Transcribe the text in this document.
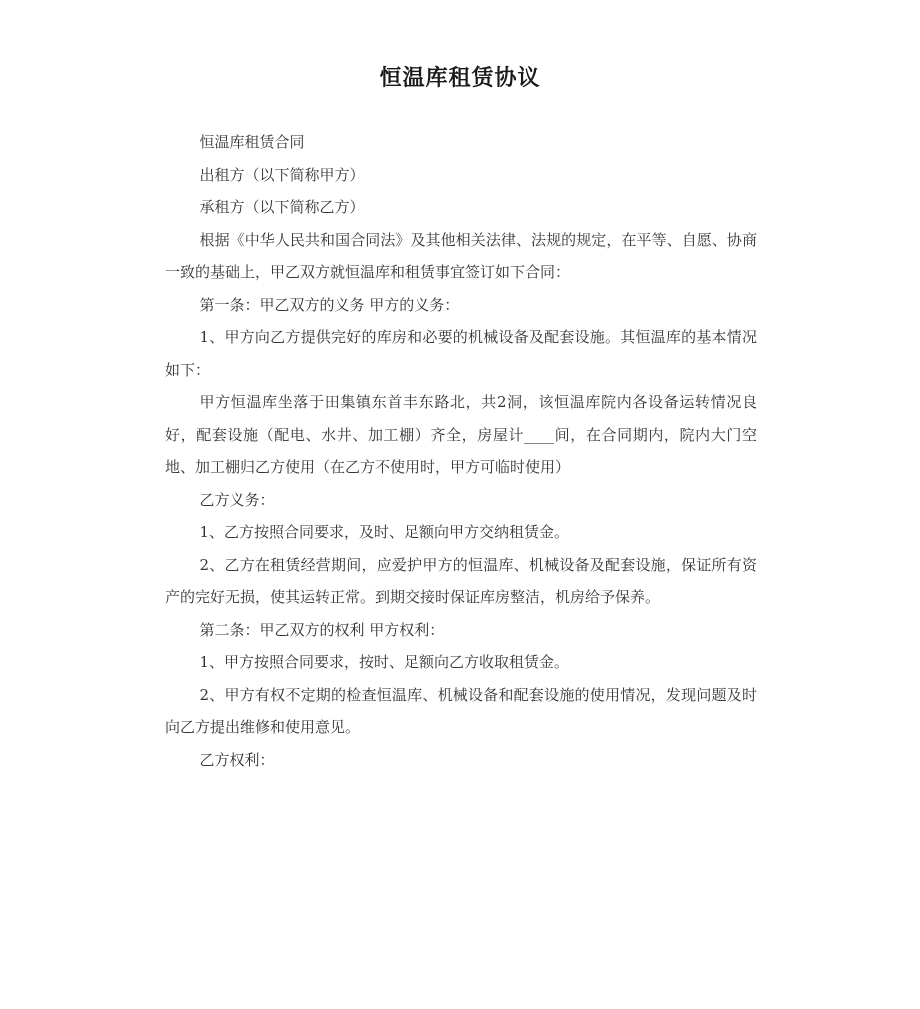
恒温库租赁协议

恒温库租赁合同

出租方（以下简称甲方）

承租方（以下简称乙方）

根据《中华人民共和国合同法》及其他相关法律、法规的规定，在平等、自愿、协商一致的基础上，甲乙双方就恒温库和租赁事宜签订如下合同：

第一条：甲乙双方的义务 甲方的义务：

1、甲方向乙方提供完好的库房和必要的机械设备及配套设施。其恒温库的基本情况如下：

甲方恒温库坐落于田集镇东首丰东路北，共2洞，该恒温库院内各设备运转情况良好，配套设施（配电、水井、加工棚）齐全，房屋计____间，在合同期内，院内大门空地、加工棚归乙方使用（在乙方不使用时，甲方可临时使用）

乙方义务：

1、乙方按照合同要求，及时、足额向甲方交纳租赁金。

2、乙方在租赁经营期间，应爱护甲方的恒温库、机械设备及配套设施，保证所有资产的完好无损，使其运转正常。到期交接时保证库房整洁，机房给予保养。

第二条：甲乙双方的权利 甲方权利：

1、甲方按照合同要求，按时、足额向乙方收取租赁金。

2、甲方有权不定期的检查恒温库、机械设备和配套设施的使用情况，发现问题及时向乙方提出维修和使用意见。

乙方权利：
